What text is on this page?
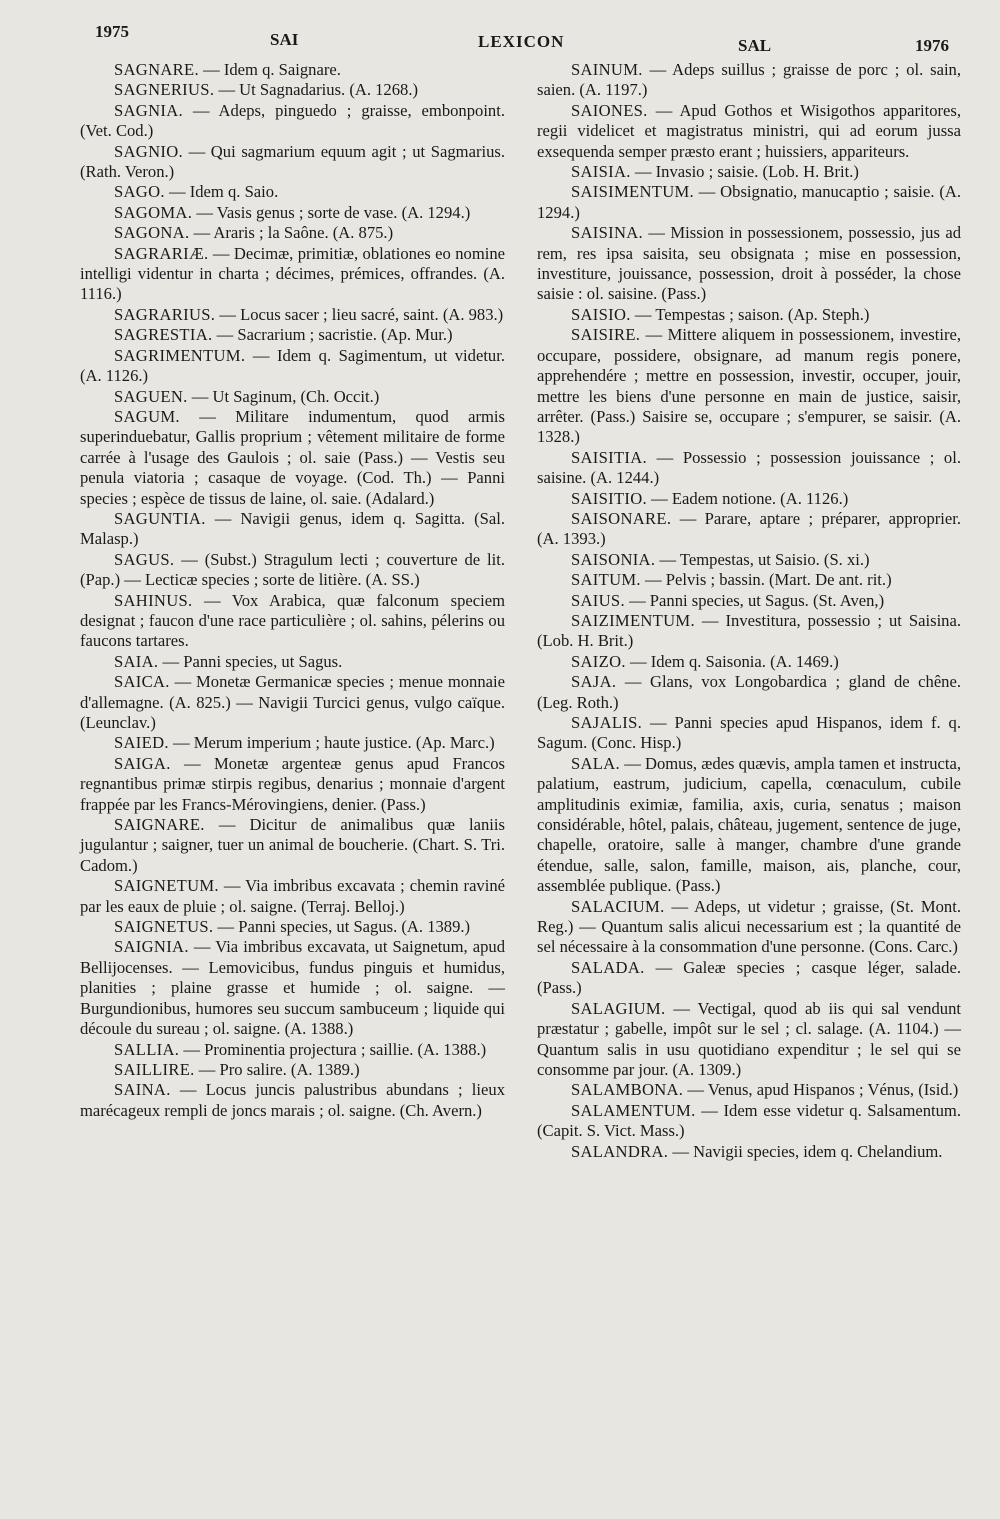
1975	SAI	LEXICON	SAL	1976

SAGNARE. — Idem q. Saignare.

SAGNERIUS. — Ut Sagnadarius. (A. 1268.)

SAGNIA. — Adeps, pinguedo ; graisse, embonpoint. (Vet. Cod.)

SAGNIO. — Qui sagmarium equum agit ; ut Sagmarius. (Rath. Veron.)

SAGO. — Idem q. Saio.

SAGOMA. — Vasis genus ; sorte de vase. (A. 1294.)

SAGONA. — Araris ; la Saône. (A. 875.)

SAGRARIÆ. — Decimæ, primitiæ, oblationes eo nomine intelligi videntur in charta ; décimes, prémices, offrandes. (A. 1116.)

SAGRARIUS. — Locus sacer ; lieu sacré, saint. (A. 983.)

SAGRESTIA. — Sacrarium ; sacristie. (Ap. Mur.)

SAGRIMENTUM. — Idem q. Sagimentum, ut videtur. (A. 1126.)

SAGUEN. — Ut Saginum, (Ch. Occit.)

SAGUM. — Militare indumentum, quod armis superinduebatur, Gallis proprium ; vêtement militaire de forme carrée à l'usage des Gaulois ; ol. saie (Pass.) — Vestis seu penula viatoria ; casaque de voyage. (Cod. Th.) — Panni species ; espèce de tissus de laine, ol. saie. (Adalard.)

SAGUNTIA. — Navigii genus, idem q. Sagitta. (Sal. Malasp.)

SAGUS. — (Subst.) Stragulum lecti ; couverture de lit. (Pap.) — Lecticæ species ; sorte de litière. (A. SS.)

SAHINUS. — Vox Arabica, quæ falconum speciem designat ; faucon d'une race particulière ; ol. sahins, pélerins ou faucons tartares.

SAIA. — Panni species, ut Sagus.

SAICA. — Monetæ Germanicæ species ; menue monnaie d'allemagne. (A. 825.) — Navigii Turcici genus, vulgo caïque. (Leunclav.)

SAIED. — Merum imperium ; haute justice. (Ap. Marc.)

SAIGA. — Monetæ argenteæ genus apud Francos regnantibus primæ stirpis regibus, denarius ; monnaie d'argent frappée par les Francs-Mérovingiens, denier. (Pass.)

SAIGNARE. — Dicitur de animalibus quæ laniis jugulantur ; saigner, tuer un animal de boucherie. (Chart. S. Tri. Cadom.)

SAIGNETUM. — Via imbribus excavata ; chemin raviné par les eaux de pluie ; ol. saigne. (Terraj. Belloj.)

SAIGNETUS. — Panni species, ut Sagus. (A. 1389.)

SAIGNIA. — Via imbribus excavata, ut Saignetum, apud Bellijocenses. — Lemovicibus, fundus pinguis et humidus, planities ; plaine grasse et humide ; ol. saigne. — Burgundionibus, humores seu succum sambuceum ; liquide qui découle du sureau ; ol. saigne. (A. 1388.)

SALLIA. — Prominentia projectura ; saillie. (A. 1388.)

SAILLIRE. — Pro salire. (A. 1389.)

SAINA. — Locus juncis palustribus abundans ; lieux marécageux rempli de joncs marais ; ol. saigne. (Ch. Avern.)

SAINUM. — Adeps suillus ; graisse de porc ; ol. sain, saien. (A. 1197.)

SAIONES. — Apud Gothos et Wisigothos apparitores, regii videlicet et magistratus ministri, qui ad eorum jussa exsequenda semper præsto erant ; huissiers, appariteurs.

SAISIA. — Invasio ; saisie. (Lob. H. Brit.)

SAISIMENTUM. — Obsignatio, manucaptio ; saisie. (A. 1294.)

SAISINA. — Mission in possessionem, possessio, jus ad rem, res ipsa saisita, seu obsignata ; mise en possession, investiture, jouissance, possession, droit à posséder, la chose saisie : ol. saisine. (Pass.)

SAISIO. — Tempestas ; saison. (Ap. Steph.)

SAISIRE. — Mittere aliquem in possessionem, investire, occupare, possidere, obsignare, ad manum regis ponere, apprehendére ; mettre en possession, investir, occuper, jouir, mettre les biens d'une personne en main de justice, saisir, arrêter. (Pass.) Saisire se, occupare ; s'empurer, se saisir. (A. 1328.)

SAISITIA. — Possessio ; possession jouissance ; ol. saisine. (A. 1244.)

SAISITIO. — Eadem notione. (A. 1126.)

SAISONARE. — Parare, aptare ; préparer, approprier. (A. 1393.)

SAISONIA. — Tempestas, ut Saisio. (S. xi.)

SAITUM. — Pelvis ; bassin. (Mart. De ant. rit.)

SAIUS. — Panni species, ut Sagus. (St. Aven,)

SAIZIMENTUM. — Investitura, possessio ; ut Saisina. (Lob. H. Brit.)

SAIZO. — Idem q. Saisonia. (A. 1469.)

SAJA. — Glans, vox Longobardica ; gland de chêne. (Leg. Roth.)

SAJALIS. — Panni species apud Hispanos, idem f. q. Sagum. (Conc. Hisp.)

SALA. — Domus, ædes quævis, ampla tamen et instructa, palatium, eastrum, judicium, capella, cœnaculum, cubile amplitudinis eximiæ, familia, axis, curia, senatus ; maison considérable, hôtel, palais, château, jugement, sentence de juge, chapelle, oratoire, salle à manger, chambre d'une grande étendue, salle, salon, famille, maison, ais, planche, cour, assemblée publique. (Pass.)

SALACIUM. — Adeps, ut videtur ; graisse, (St. Mont. Reg.) — Quantum salis alicui necessarium est ; la quantité de sel nécessaire à la consommation d'une personne. (Cons. Carc.)

SALADA. — Galeæ species ; casque léger, salade. (Pass.)

SALAGIUM. — Vectigal, quod ab iis qui sal vendunt præstatur ; gabelle, impôt sur le sel ; cl. salage. (A. 1104.) — Quantum salis in usu quotidiano expenditur ; le sel qui se consomme par jour. (A. 1309.)

SALAMBONA. — Venus, apud Hispanos ; Vénus, (Isid.)

SALAMENTUM. — Idem esse videtur q. Salsamentum. (Capit. S. Vict. Mass.)

SALANDRA. — Navigii species, idem q. Chelandium.
